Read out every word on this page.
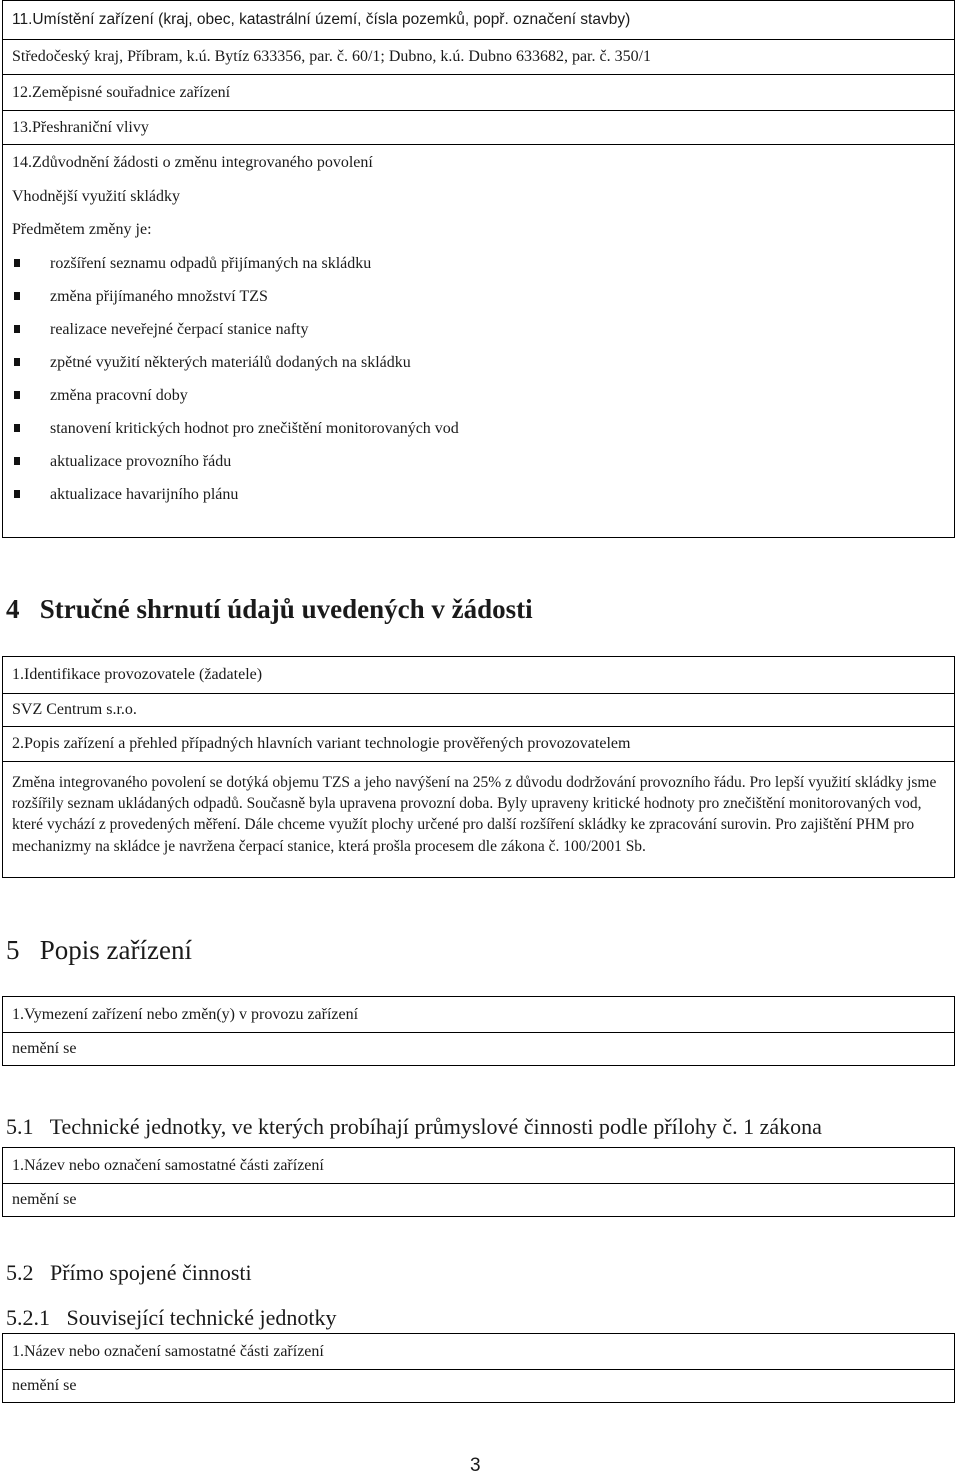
11.Umístění zařízení (kraj, obec, katastrální území, čísla pozemků, popř. označení stavby)
Středočeský kraj, Příbram, k.ú. Bytíz 633356, par. č. 60/1; Dubno, k.ú. Dubno 633682, par. č. 350/1
12.Zeměpisné souřadnice zařízení
13.Přeshraniční vlivy
14.Zdůvodnění žádosti o změnu integrovaného povolení
Vhodnější využití skládky
Předmětem změny je:
rozšíření seznamu odpadů přijímaných na skládku
změna přijímaného množství TZS
realizace neveřejné čerpací stanice nafty
zpětné využití některých materiálů dodaných na skládku
změna pracovní doby
stanovení kritických hodnot pro znečištění monitorovaných vod
aktualizace provozního řádu
aktualizace havarijního plánu
4   Stručné shrnutí údajů uvedených v žádosti
1.Identifikace provozovatele (žadatele)
SVZ Centrum s.r.o.
2.Popis zařízení a přehled případných hlavních variant technologie prověřených provozovatelem
Změna integrovaného povolení se dotýká objemu TZS a jeho navýšení na 25% z důvodu dodržování provozního řádu. Pro lepší využití skládky jsme rozšířily seznam ukládaných odpadů. Současně byla upravena provozní doba. Byly upraveny kritické hodnoty pro znečištění monitorovaných vod, které vychází z provedených měření. Dále chceme využít plochy určené pro další rozšíření skládky ke zpracování surovin. Pro zajištění PHM pro mechanizmy na skládce je navržena čerpací stanice, která prošla procesem dle zákona č. 100/2001 Sb.
5   Popis zařízení
1.Vymezení zařízení nebo změn(y) v provozu zařízení
nemění se
5.1   Technické jednotky, ve kterých probíhají průmyslové činnosti podle přílohy č. 1 zákona
1.Název nebo označení samostatné části zařízení
nemění se
5.2   Přímo spojené činnosti
5.2.1   Související technické jednotky
1.Název nebo označení samostatné části zařízení
nemění se
3
